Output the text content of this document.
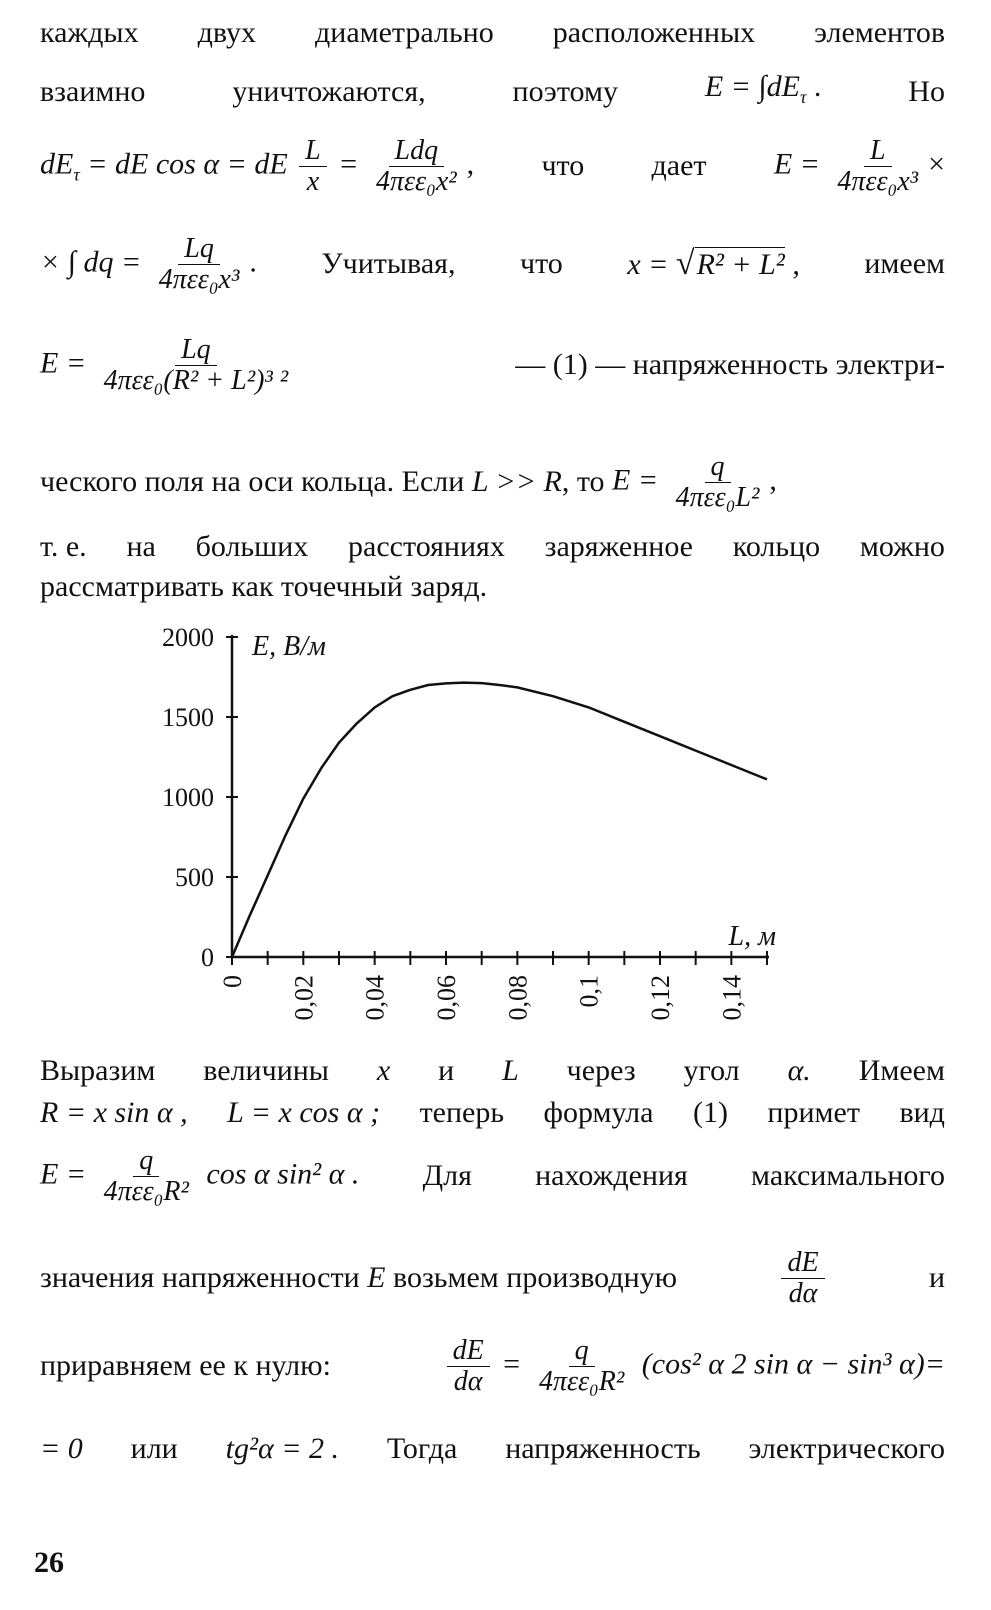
каждых двух диаметрально расположенных элементов
взаимно	уничтожаются,	поэтому	$E = \int dE_\tau$ .	Но
$dE_\tau$ = dE cos α = dE $\frac{L}{x} = \frac{\text{Ldq}}{\text{4πεε₀x²}}$ , что дает $E = \frac{L}{\text{4πεε₀x³}}$ ×
× ∫ dq = $\frac{Lq}{\text{4πεε₀x³}}$ . Учитывая, что x = √R² + L² , имеем
$E = \frac{Lq}{\text{4πεε₀(R² + L²)³ ²}}$	— (1) — напряженность электри-
ческого поля на оси кольца. Если
L >> R , то
$E = \frac{q}{\text{4πεε₀L²}}$ ,
т. е. на больших расстояниях заряженное кольцо можно
рассматривать как точечный заряд.
0
500
1000
1500
2000
0 0,02 0,04 0,06 0,08 0,1 0,12 0,14
E, В/м
L, м
Выразим величины x и L через угол α. Имеем
R = x sin α , L = x cos α ; теперь формула (1) примет вид
$E = \frac{q}{\text{4πεε₀R²}}$ cos α sin² α . Для нахождения максимального
значения напряженности E возьмем производную	$\frac{dE}{d\alpha}$	и
приравняем ее к нулю:	$\frac{dE}{d\alpha} = \frac{q}{\text{4πεε₀R²}} (\cos^2$ α 2 sin α − sin³ α)=
= 0 или tg²α = 2 . Тогда напряженность электрического
26
